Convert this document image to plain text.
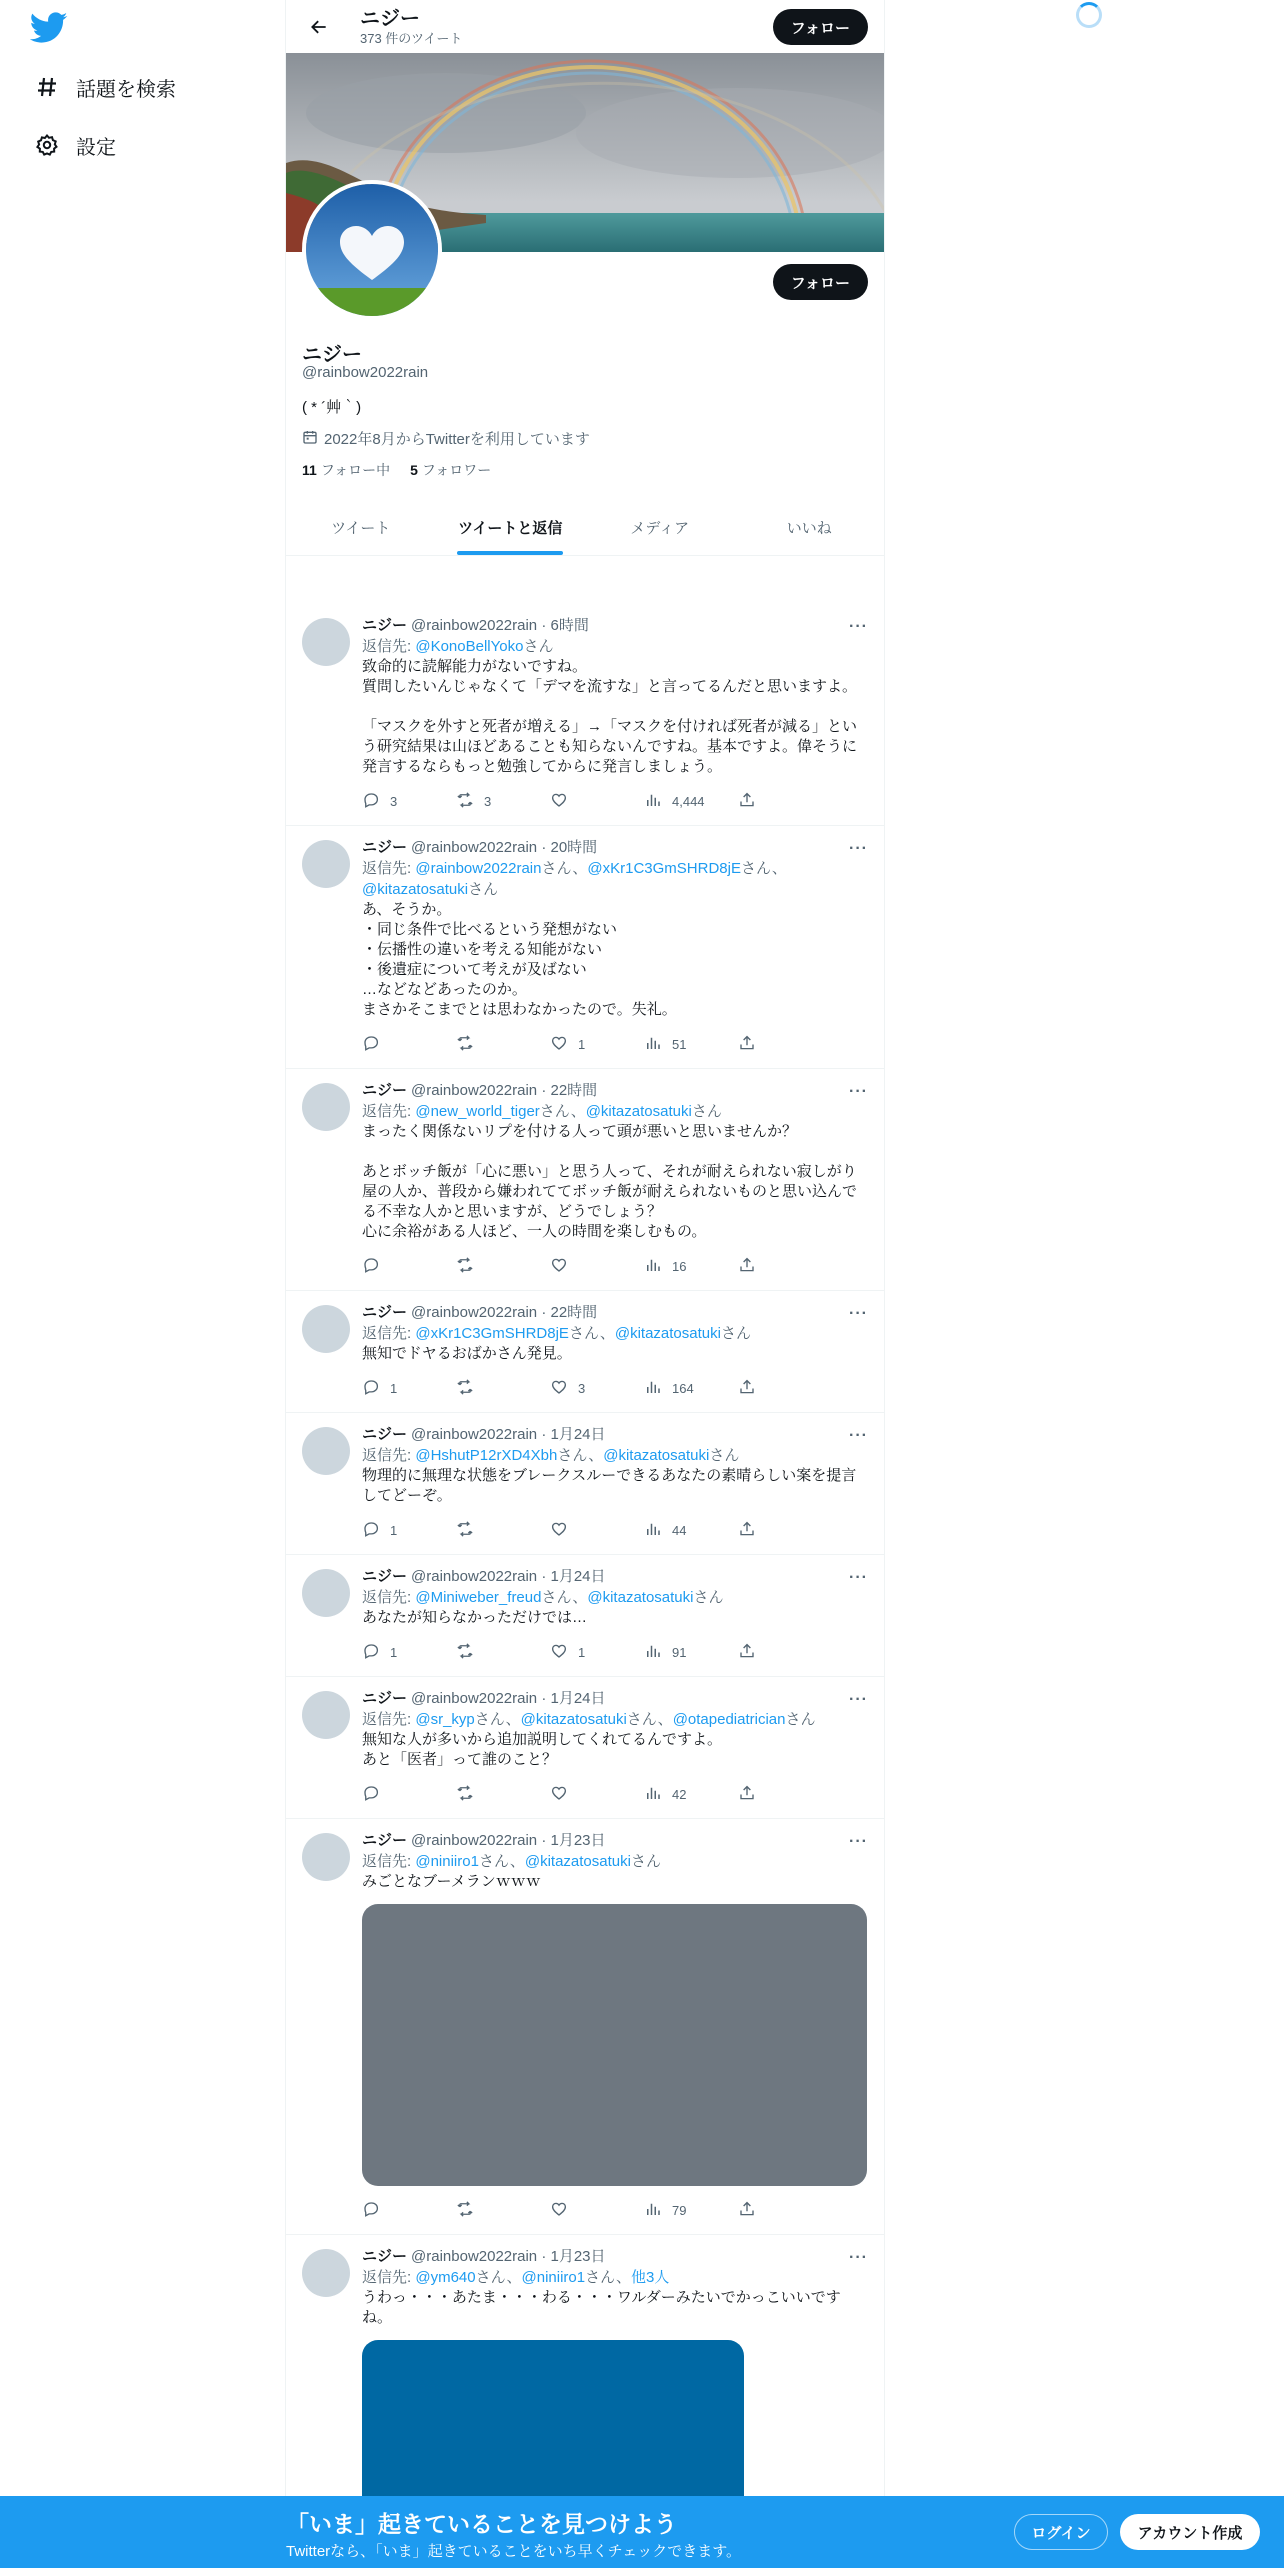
話題を検索
設定
ニジー
373 件のツイート
フォロー
フォロー
ニジー
@rainbow2022rain
( * ´艸｀)
2022年8月からTwitterを利用しています
11 フォロー中 5 フォロワー
ツイート	ツイートと返信	メディア	いいね
···
ニジー @rainbow2022rain · 6時間
返信先: @KonoBellYokoさん
致命的に読解能力がないですね。
質問したいんじゃなくて「デマを流すな」と言ってるんだと思いますよ。

「マスクを外すと死者が増える」→「マスクを付ければ死者が減る」という研究結果は山ほどあることも知らないんですね。基本ですよ。偉そうに発言するならもっと勉強してからに発言しましょう。
3	3	4,444
···
ニジー @rainbow2022rain · 20時間
返信先: @rainbow2022rainさん、@xKr1C3GmSHRD8jEさん、@kitazatosatukiさん
あ、そうか。
・同じ条件で比べるという発想がない
・伝播性の違いを考える知能がない
・後遺症について考えが及ばない
…などなどあったのか。
まさかそこまでとは思わなかったので。失礼。
1	51
···
ニジー @rainbow2022rain · 22時間
返信先: @new_world_tigerさん、@kitazatosatukiさん
まったく関係ないリプを付ける人って頭が悪いと思いませんか？

あとボッチ飯が「心に悪い」と思う人って、それが耐えられない寂しがり屋の人か、普段から嫌われててボッチ飯が耐えられないものと思い込んでる不幸な人かと思いますが、どうでしょう？
心に余裕がある人ほど、一人の時間を楽しむもの。
16
···
ニジー @rainbow2022rain · 22時間
返信先: @xKr1C3GmSHRD8jEさん、@kitazatosatukiさん
無知でドヤるおばかさん発見。
1	3	164
···
ニジー @rainbow2022rain · 1月24日
返信先: @HshutP12rXD4Xbhさん、@kitazatosatukiさん
物理的に無理な状態をブレークスルーできるあなたの素晴らしい案を提言してどーぞ。
1	44
···
ニジー @rainbow2022rain · 1月24日
返信先: @Miniweber_freudさん、@kitazatosatukiさん
あなたが知らなかっただけでは…
1	1	91
···
ニジー @rainbow2022rain · 1月24日
返信先: @sr_kypさん、@kitazatosatukiさん、@otapediatricianさん
無知な人が多いから追加説明してくれてるんですよ。
あと「医者」って誰のこと？
42
···
ニジー @rainbow2022rain · 1月23日
返信先: @niniiro1さん、@kitazatosatukiさん
みごとなブーメランｗｗｗ
79
···
ニジー @rainbow2022rain · 1月23日
返信先: @ym640さん、@niniiro1さん、他3人
うわっ・・・あたま・・・わる・・・ワルダーみたいでかっこいいですね。
「いま」起きていることを見つけよう
Twitterなら、「いま」起きていることをいち早くチェックできます。
ログイン	アカウント作成
